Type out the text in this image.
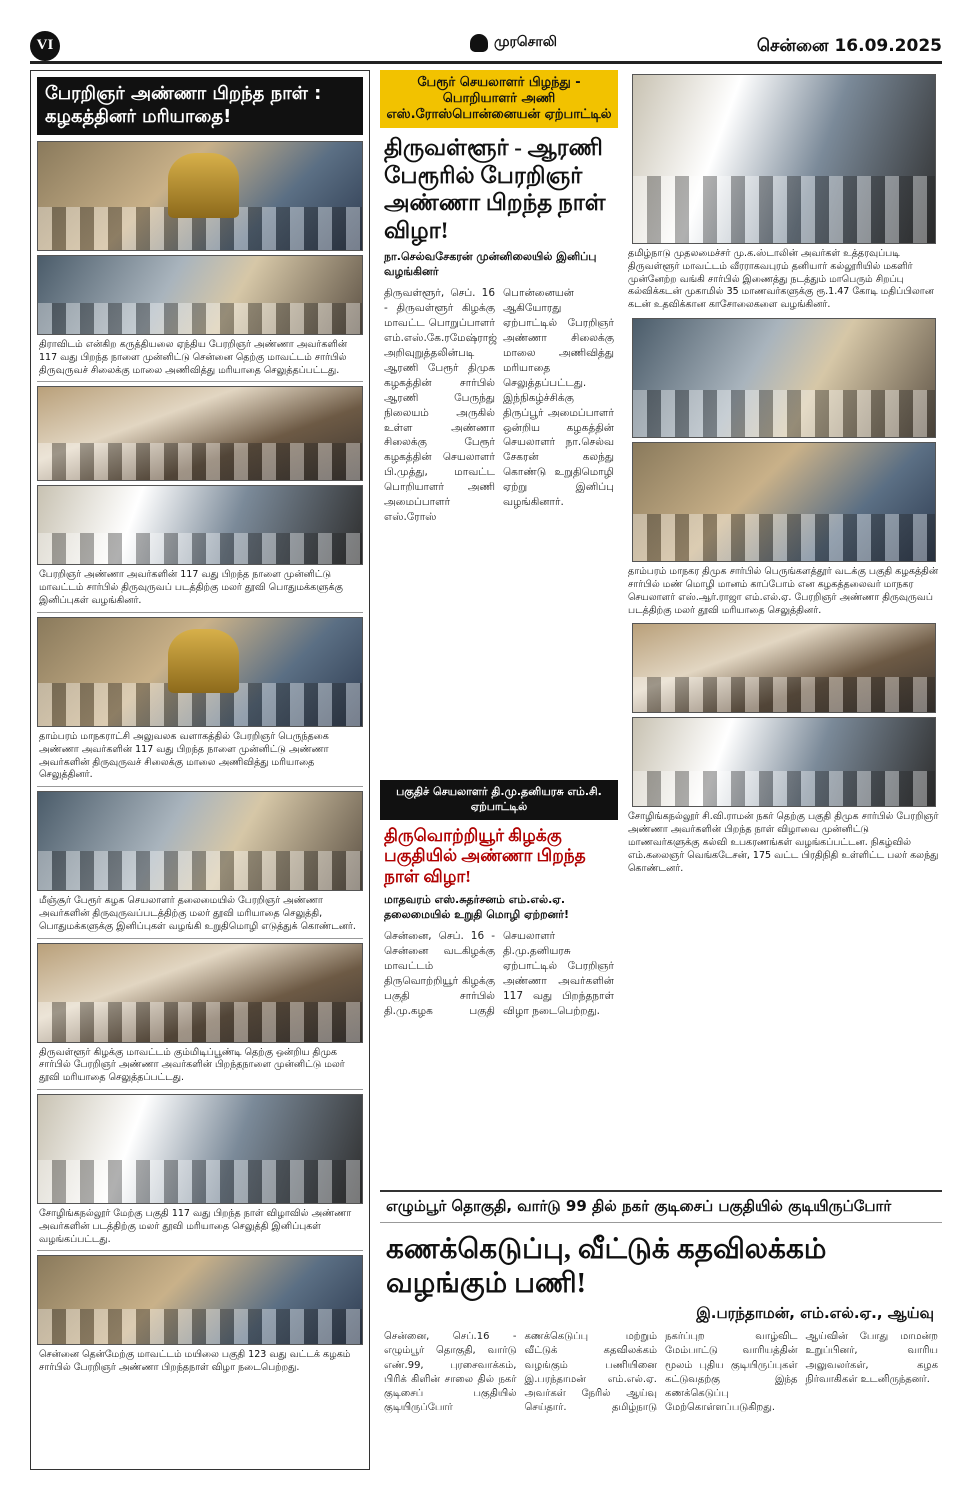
VI	முரசொலி	சென்னை 16.09.2025
பேரறிஞர் அண்ணா பிறந்த நாள் : கழகத்தினர் மரியாதை!
திராவிடம் என்கிற கருத்தியலை ஏந்திய பேரறிஞர் அண்ணா அவர்களின் 117 வது பிறந்த நாளை முன்னிட்டு சென்னை தெற்கு மாவட்டம் சார்பில் திருவுருவச் சிலைக்கு மாலை அணிவித்து மரியாதை செலுத்தப்பட்டது.
பேரறிஞர் அண்ணா அவர்களின் 117 வது பிறந்த நாளை முன்னிட்டு மாவட்டம் சார்பில் திருவுருவப் படத்திற்கு மலர் தூவி பொதுமக்களுக்கு இனிப்புகள் வழங்கினர்.
தாம்பரம் மாநகராட்சி அலுவலக வளாகத்தில் பேரறிஞர் பெருந்தகை அண்ணா அவர்களின் 117 வது பிறந்த நாளை முன்னிட்டு அண்ணா அவர்களின் திருவுருவச் சிலைக்கு மாலை அணிவித்து மரியாதை செலுத்தினர்.
மீஞ்சூர் பேரூர் கழக செயலாளர் தலைமையில் பேரறிஞர் அண்ணா அவர்களின் திருவுருவப்படத்திற்கு மலர் தூவி மரியாதை செலுத்தி, பொதுமக்களுக்கு இனிப்புகள் வழங்கி உறுதிமொழி எடுத்துக் கொண்டனர்.
திருவள்ளூர் கிழக்கு மாவட்டம் கும்மிடிப்பூண்டி தெற்கு ஒன்றிய திமுக சார்பில் பேரறிஞர் அண்ணா அவர்களின் பிறந்தநாளை முன்னிட்டு மலர் தூவி மரியாதை செலுத்தப்பட்டது.
சோழிங்கநல்லூர் மேற்கு பகுதி 117 வது பிறந்த நாள் விழாவில் அண்ணா அவர்களின் படத்திற்கு மலர் தூவி மரியாதை செலுத்தி இனிப்புகள் வழங்கப்பட்டது.
சென்னை தென்மேற்கு மாவட்டம் மயிலை பகுதி 123 வது வட்டக் கழகம் சார்பில் பேரறிஞர் அண்ணா பிறந்தநாள் விழா நடைபெற்றது.
பேரூர் செயலாளர் பிழந்து - பொறியாளர் அணி எஸ்.ரோஸ்பொன்னையன் ஏற்பாட்டில்
திருவள்ளூர் - ஆரணி பேரூரில் பேரறிஞர் அண்ணா பிறந்த நாள் விழா!
நா.செல்வசேகரன் முன்னிலையில் இனிப்பு வழங்கினர்
திருவள்ளூர், செப். 16 - திருவள்ளூர் கிழக்கு மாவட்ட பொறுப்பாளர் எம்.எஸ்.கே.ரமேஷ்ராஜ் அறிவுறுத்தலின்படி ஆரணி பேரூர் திமுக கழகத்தின் சார்பில் ஆரணி பேருந்து நிலையம் அருகில் உள்ள அண்ணா சிலைக்கு பேரூர் கழகத்தின் செயலாளர் பி.முத்து, மாவட்ட பொறியாளர் அணி அமைப்பாளர் எஸ்.ரோஸ் பொன்னையன் ஆகியோரது ஏற்பாட்டில் பேரறிஞர் அண்ணா சிலைக்கு மாலை அணிவித்து மரியாதை செலுத்தப்பட்டது. இந்நிகழ்ச்சிக்கு திருப்பூர் அமைப்பாளர் ஒன்றிய கழகத்தின் செயலாளர் நா.செல்வ சேகரன் கலந்து கொண்டு உறுதிமொழி ஏற்று இனிப்பு வழங்கினார்.
பகுதிச் செயலாளர் தி.மு.தனியரசு எம்.சி. ஏற்பாட்டில்
திருவொற்றியூர் கிழக்கு பகுதியில் அண்ணா பிறந்த நாள் விழா!
மாதவரம் எஸ்.சுதர்சனம் எம்.எல்.ஏ. தலைமையில் உறுதி மொழி ஏற்றனர்!
சென்னை, செப். 16 - சென்னை வடகிழக்கு மாவட்டம் திருவொற்றியூர் கிழக்கு பகுதி சார்பில் தி.மு.கழக பகுதி செயலாளர் தி.மு.தனியரசு ஏற்பாட்டில் பேரறிஞர் அண்ணா அவர்களின் 117 வது பிறந்தநாள் விழா நடைபெற்றது.
தமிழ்நாடு முதலமைச்சர் மு.க.ஸ்டாலின் அவர்கள் உத்தரவுப்படி திருவள்ளூர் மாவட்டம் வீரராகவபுரம் தனியார் கல்லூரியில் மகளிர் முன்னேற்ற வங்கி சார்பில் இணைத்து நடத்தும் மாபெரும் சிறப்பு கல்விக்கடன் முகாமில் 35 மாணவர்களுக்கு ரூ.1.47 கோடி மதிப்பிலான கடன் உதவிக்கான காசோலைகளை வழங்கினர்.
தாம்பரம் மாநகர திமுக சார்பில் பெருங்களத்தூர் வடக்கு பகுதி கழகத்தின் சார்பில் மண் மொழி மானம் காப்போம் என கழகத்தலைவர் மாநகர செயலாளர் எஸ்.ஆர்.ராஜா எம்.எல்.ஏ. பேரறிஞர் அண்ணா திருவுருவப் படத்திற்கு மலர் தூவி மரியாதை செலுத்தினர்.
சோழிங்கநல்லூர் சி.வி.ராமன் நகர் தெற்கு பகுதி திமுக சார்பில் பேரறிஞர் அண்ணா அவர்களின் பிறந்த நாள் விழாவை முன்னிட்டு மாணவர்களுக்கு கல்வி உபகரணங்கள் வழங்கப்பட்டன. நிகழ்வில் எம்.கலைஞர் வெங்கடேசன், 175 வட்ட பிரதிநிதி உள்ளிட்ட பலர் கலந்து கொண்டனர்.
எழும்பூர் தொகுதி, வார்டு 99 தில் நகர் குடிசைப் பகுதியில் குடியிருப்போர்
கணக்கெடுப்பு, வீட்டுக் கதவிலக்கம் வழங்கும் பணி!
இ.பரந்தாமன், எம்.எல்.ஏ., ஆய்வு
சென்னை, செப்.16 - எழும்பூர் தொகுதி, வார்டு எண்.99, புரசைவாக்கம், பிரிக் கிளின் சாலை தில் நகர் குடிசைப் பகுதியில் குடியிருப்போர் கணக்கெடுப்பு மற்றும் வீட்டுக் கதவிலக்கம் வழங்கும் பணியினை இ.பரந்தாமன் எம்.எல்.ஏ. அவர்கள் நேரில் ஆய்வு செய்தார். தமிழ்நாடு நகர்ப்புற வாழ்விட மேம்பாட்டு வாரியத்தின் மூலம் புதிய குடியிருப்புகள் கட்டுவதற்கு இந்த கணக்கெடுப்பு மேற்கொள்ளப்படுகிறது. ஆய்வின் போது மாமன்ற உறுப்பினர், வாரிய அலுவலர்கள், கழக நிர்வாகிகள் உடனிருந்தனர்.
